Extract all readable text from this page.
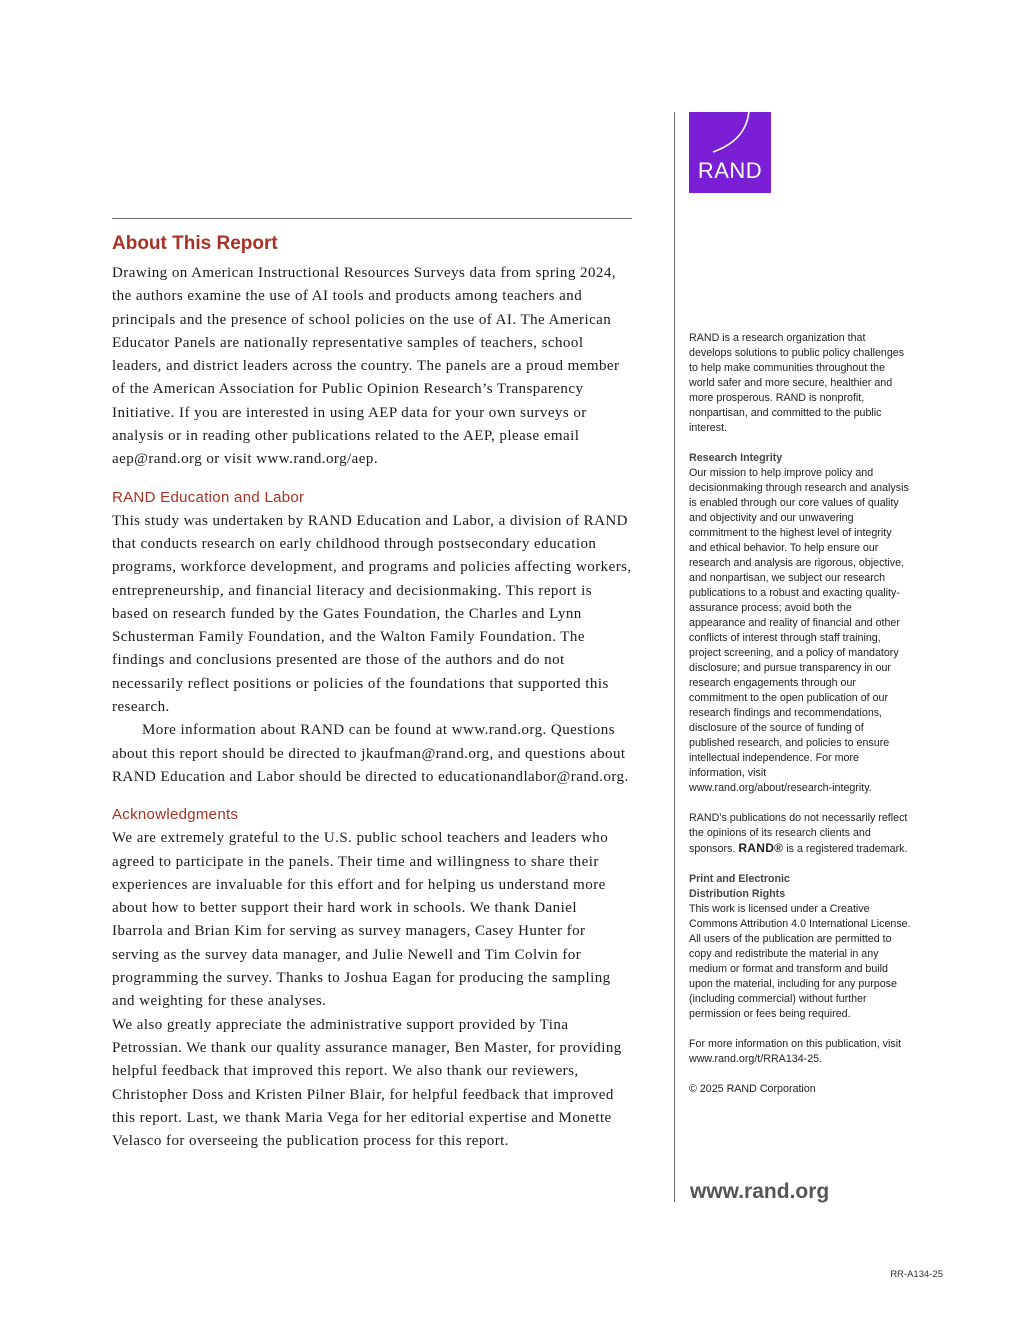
About This Report

Drawing on American Instructional Resources Surveys data from spring 2024, the authors examine the use of AI tools and products among teachers and principals and the presence of school policies on the use of AI. The American Educator Panels are nationally representative samples of teachers, school leaders, and district leaders across the country. The panels are a proud member of the American Association for Public Opinion Research’s Transparency Initiative. If you are interested in using AEP data for your own surveys or analysis or in reading other publications related to the AEP, please email aep@rand.org or visit www.rand.org/aep.

RAND Education and Labor

This study was undertaken by RAND Education and Labor, a division of RAND that conducts research on early childhood through postsecondary education programs, workforce development, and programs and policies affecting workers, entrepreneurship, and financial literacy and decisionmaking. This report is based on research funded by the Gates Foundation, the Charles and Lynn Schusterman Family Foundation, and the Walton Family Foundation. The findings and conclusions presented are those of the authors and do not necessarily reflect positions or policies of the foundations that supported this research.

More information about RAND can be found at www.rand.org. Questions about this report should be directed to jkaufman@rand.org, and questions about RAND Education and Labor should be directed to educationandlabor@rand.org.

Acknowledgments

We are extremely grateful to the U.S. public school teachers and leaders who agreed to participate in the panels. Their time and willingness to share their experiences are invaluable for this effort and for helping us understand more about how to better support their hard work in schools. We thank Daniel Ibarrola and Brian Kim for serving as survey managers, Casey Hunter for serving as the survey data manager, and Julie Newell and Tim Colvin for programming the survey. Thanks to Joshua Eagan for producing the sampling and weighting for these analyses.

We also greatly appreciate the administrative support provided by Tina Petrossian. We thank our quality assurance manager, Ben Master, for providing helpful feedback that improved this report. We also thank our reviewers, Christopher Doss and Kristen Pilner Blair, for helpful feedback that improved this report. Last, we thank Maria Vega for her editorial expertise and Monette Velasco for overseeing the publication process for this report.

RAND

RAND is a research organization that develops solutions to public policy challenges to help make communities throughout the world safer and more secure, healthier and more prosperous. RAND is nonprofit, nonpartisan, and committed to the public interest.

Research Integrity

Our mission to help improve policy and decisionmaking through research and analysis is enabled through our core values of quality and objectivity and our unwavering commitment to the highest level of integrity and ethical behavior. To help ensure our research and analysis are rigorous, objective, and nonpartisan, we subject our research publications to a robust and exacting quality-assurance process; avoid both the appearance and reality of financial and other conflicts of interest through staff training, project screening, and a policy of mandatory disclosure; and pursue transparency in our research engagements through our commitment to the open publication of our research findings and recommendations, disclosure of the source of funding of published research, and policies to ensure intellectual independence. For more information, visit www.rand.org/about/research-integrity.

RAND’s publications do not necessarily reflect the opinions of its research clients and sponsors. RAND® is a registered trademark.

Print and Electronic

Distribution Rights

This work is licensed under a Creative Commons Attribution 4.0 International License. All users of the publication are permitted to copy and redistribute the material in any medium or format and transform and build upon the material, including for any purpose (including commercial) without further permission or fees being required.

For more information on this publication, visit www.rand.org/t/RRA134-25.

© 2025 RAND Corporation

www.rand.org
RR-A134-25
